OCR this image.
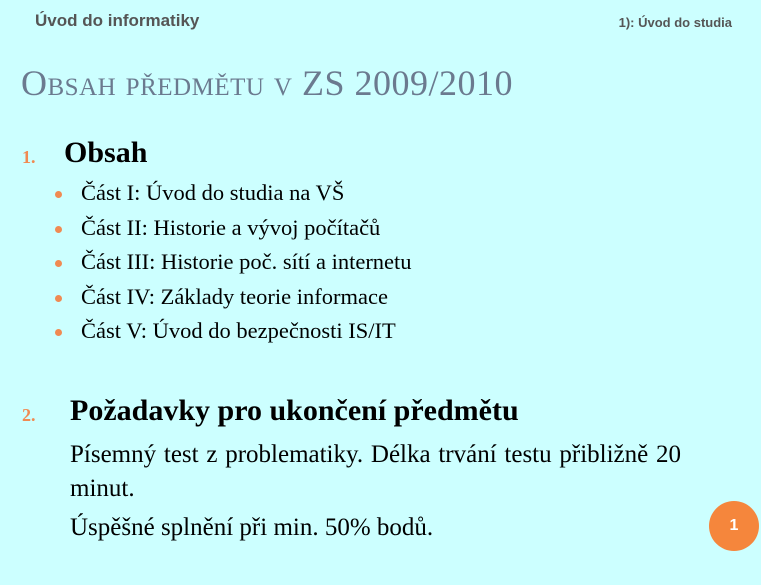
Úvod do informatiky	1): Úvod do studia
Obsah předmětu v ZS 2009/2010
1. Obsah
Část I: Úvod do studia na VŠ
Část II: Historie a vývoj počítačů
Část III: Historie poč. sítí a internetu
Část IV: Základy teorie informace
Část V: Úvod do bezpečnosti IS/IT
2. Požadavky pro ukončení předmětu
Písemný test z problematiky. Délka trvání testu přibližně 20 minut.
Úspěšné splnění při min. 50% bodů.	1
